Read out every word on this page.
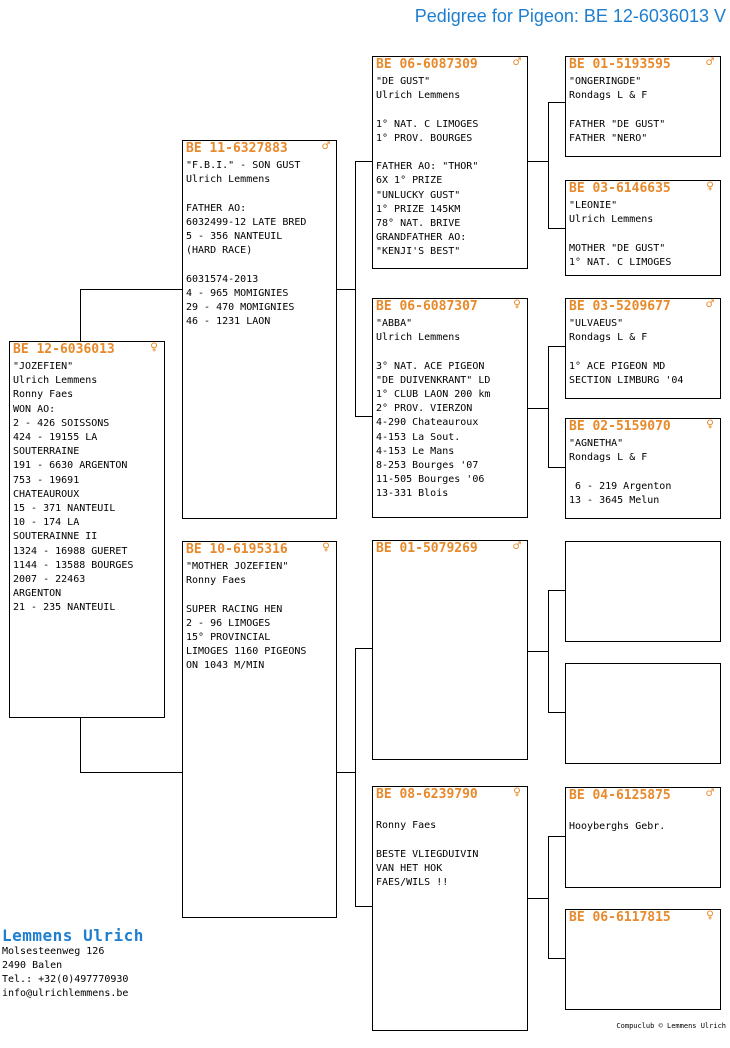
Pedigree for Pigeon: BE 12-6036013 V
BE 12-6036013	♀
"JOZEFIEN"
Ulrich Lemmens
Ronny Faes
WON AO:
2 - 426 SOISSONS
424 - 19155 LA
SOUTERRAINE
191 - 6630 ARGENTON
753 - 19691
CHATEAUROUX
15 - 371 NANTEUIL
10 - 174 LA
SOUTERAINNE II
1324 - 16988 GUERET
1144 - 13588 BOURGES
2007 - 22463
ARGENTON
21 - 235 NANTEUIL
BE 11-6327883	♂
"F.B.I." - SON GUST
Ulrich Lemmens

FATHER AO:
6032499-12 LATE BRED
5 - 356 NANTEUIL
(HARD RACE)

6031574-2013
4 - 965 MOMIGNIES
29 - 470 MOMIGNIES
46 - 1231 LAON
BE 10-6195316	♀
"MOTHER JOZEFIEN"
Ronny Faes

SUPER RACING HEN
2 - 96 LIMOGES
15° PROVINCIAL
LIMOGES 1160 PIGEONS
ON 1043 M/MIN
BE 06-6087309	♂
"DE GUST"
Ulrich Lemmens

1° NAT. C LIMOGES
1° PROV. BOURGES

FATHER AO: "THOR"
6X 1° PRIZE
"UNLUCKY GUST"
1° PRIZE 145KM
78° NAT. BRIVE
GRANDFATHER AO:
"KENJI'S BEST"
BE 06-6087307	♀
"ABBA"
Ulrich Lemmens

3° NAT. ACE PIGEON
"DE DUIVENKRANT" LD
1° CLUB LAON 200 km
2° PROV. VIERZON
4-290 Chateauroux
4-153 La Sout.
4-153 Le Mans
8-253 Bourges '07
11-505 Bourges '06
13-331 Blois
BE 01-5079269	♂
BE 08-6239790	♀

Ronny Faes

BESTE VLIEGDUIVIN
VAN HET HOK
FAES/WILS !!
BE 01-5193595	♂
"ONGERINGDE"
Rondags L & F

FATHER "DE GUST"
FATHER "NERO"
BE 03-6146635	♀
"LEONIE"
Ulrich Lemmens

MOTHER "DE GUST"
1° NAT. C LIMOGES
BE 03-5209677	♂
"ULVAEUS"
Rondags L & F

1° ACE PIGEON MD
SECTION LIMBURG '04
BE 02-5159070	♀
"AGNETHA"
Rondags L & F

6 - 219 Argenton
13 - 3645 Melun
BE 04-6125875	♂

Hooyberghs Gebr.
BE 06-6117815	♀
Lemmens Ulrich
Molsesteenweg 126
2490 Balen
Tel.: +32(0)497770930
info@ulrichlemmens.be
Compuclub © Lemmens Ulrich
